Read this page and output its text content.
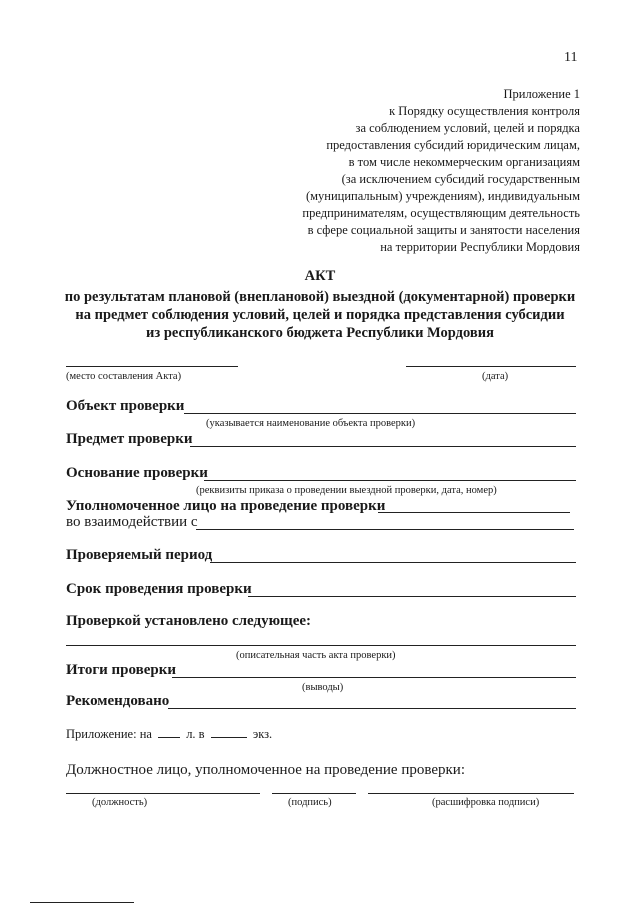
11
Приложение 1
к Порядку осуществления контроля
за соблюдением условий, целей и порядка
предоставления субсидий юридическим лицам,
в том числе некоммерческим организациям
(за исключением субсидий государственным
(муниципальным) учреждениям), индивидуальным
предпринимателям, осуществляющим деятельность
в сфере социальной защиты и занятости населения
на территории Республики Мордовия
АКТ
по результатам плановой (внеплановой) выездной (документарной) проверки
на предмет соблюдения условий, целей и порядка представления субсидии
из республиканского бюджета Республики Мордовия
(место составления Акта)	(дата)
Объект проверки
(указывается наименование объекта проверки)
Предмет проверки
Основание проверки
(реквизиты приказа о проведении выездной проверки, дата, номер)
Уполномоченное лицо на проведение проверки
во взаимодействии с
Проверяемый период
Срок проведения проверки
Проверкой установлено следующее:
(описательная часть акта проверки)
Итоги проверки
(выводы)
Рекомендовано
Приложение: на	л. в	экз.
Должностное лицо, уполномоченное на проведение проверки:
(должность)	(подпись)	(расшифровка подписи)
